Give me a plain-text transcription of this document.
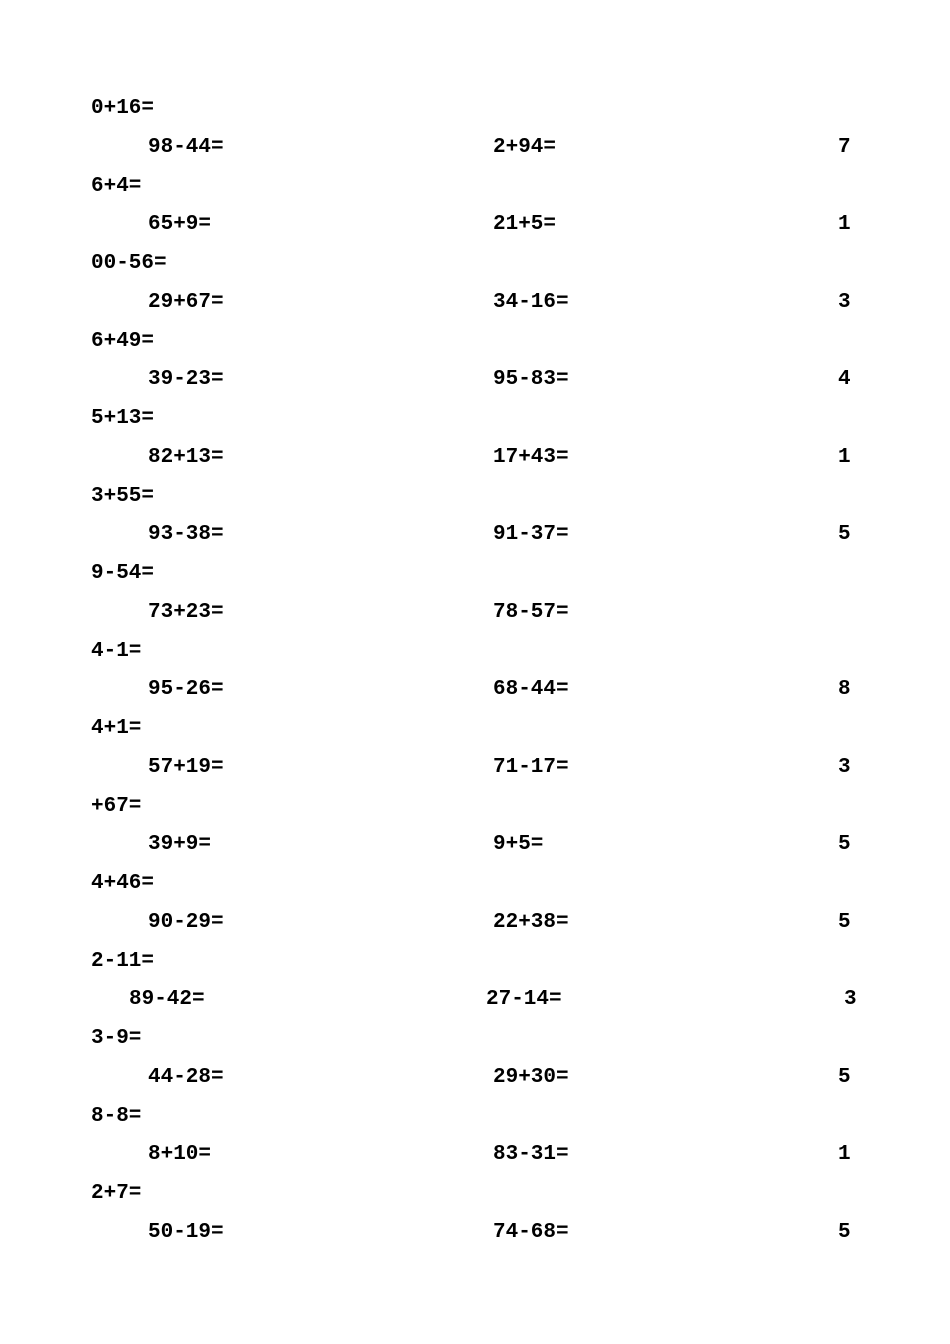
0+16=
98-44=	2+94=	7
6+4=
65+9=	21+5=	1
00-56=
29+67=	34-16=	3
6+49=
39-23=	95-83=	4
5+13=
82+13=	17+43=	1
3+55=
93-38=	91-37=	5
9-54=
73+23=	78-57=
4-1=
95-26=	68-44=	8
4+1=
57+19=	71-17=	3
+67=
39+9=	9+5=	5
4+46=
90-29=	22+38=	5
2-11=
89-42=	27-14=	3
3-9=
44-28=	29+30=	5
8-8=
8+10=	83-31=	1
2+7=
50-19=	74-68=	5
